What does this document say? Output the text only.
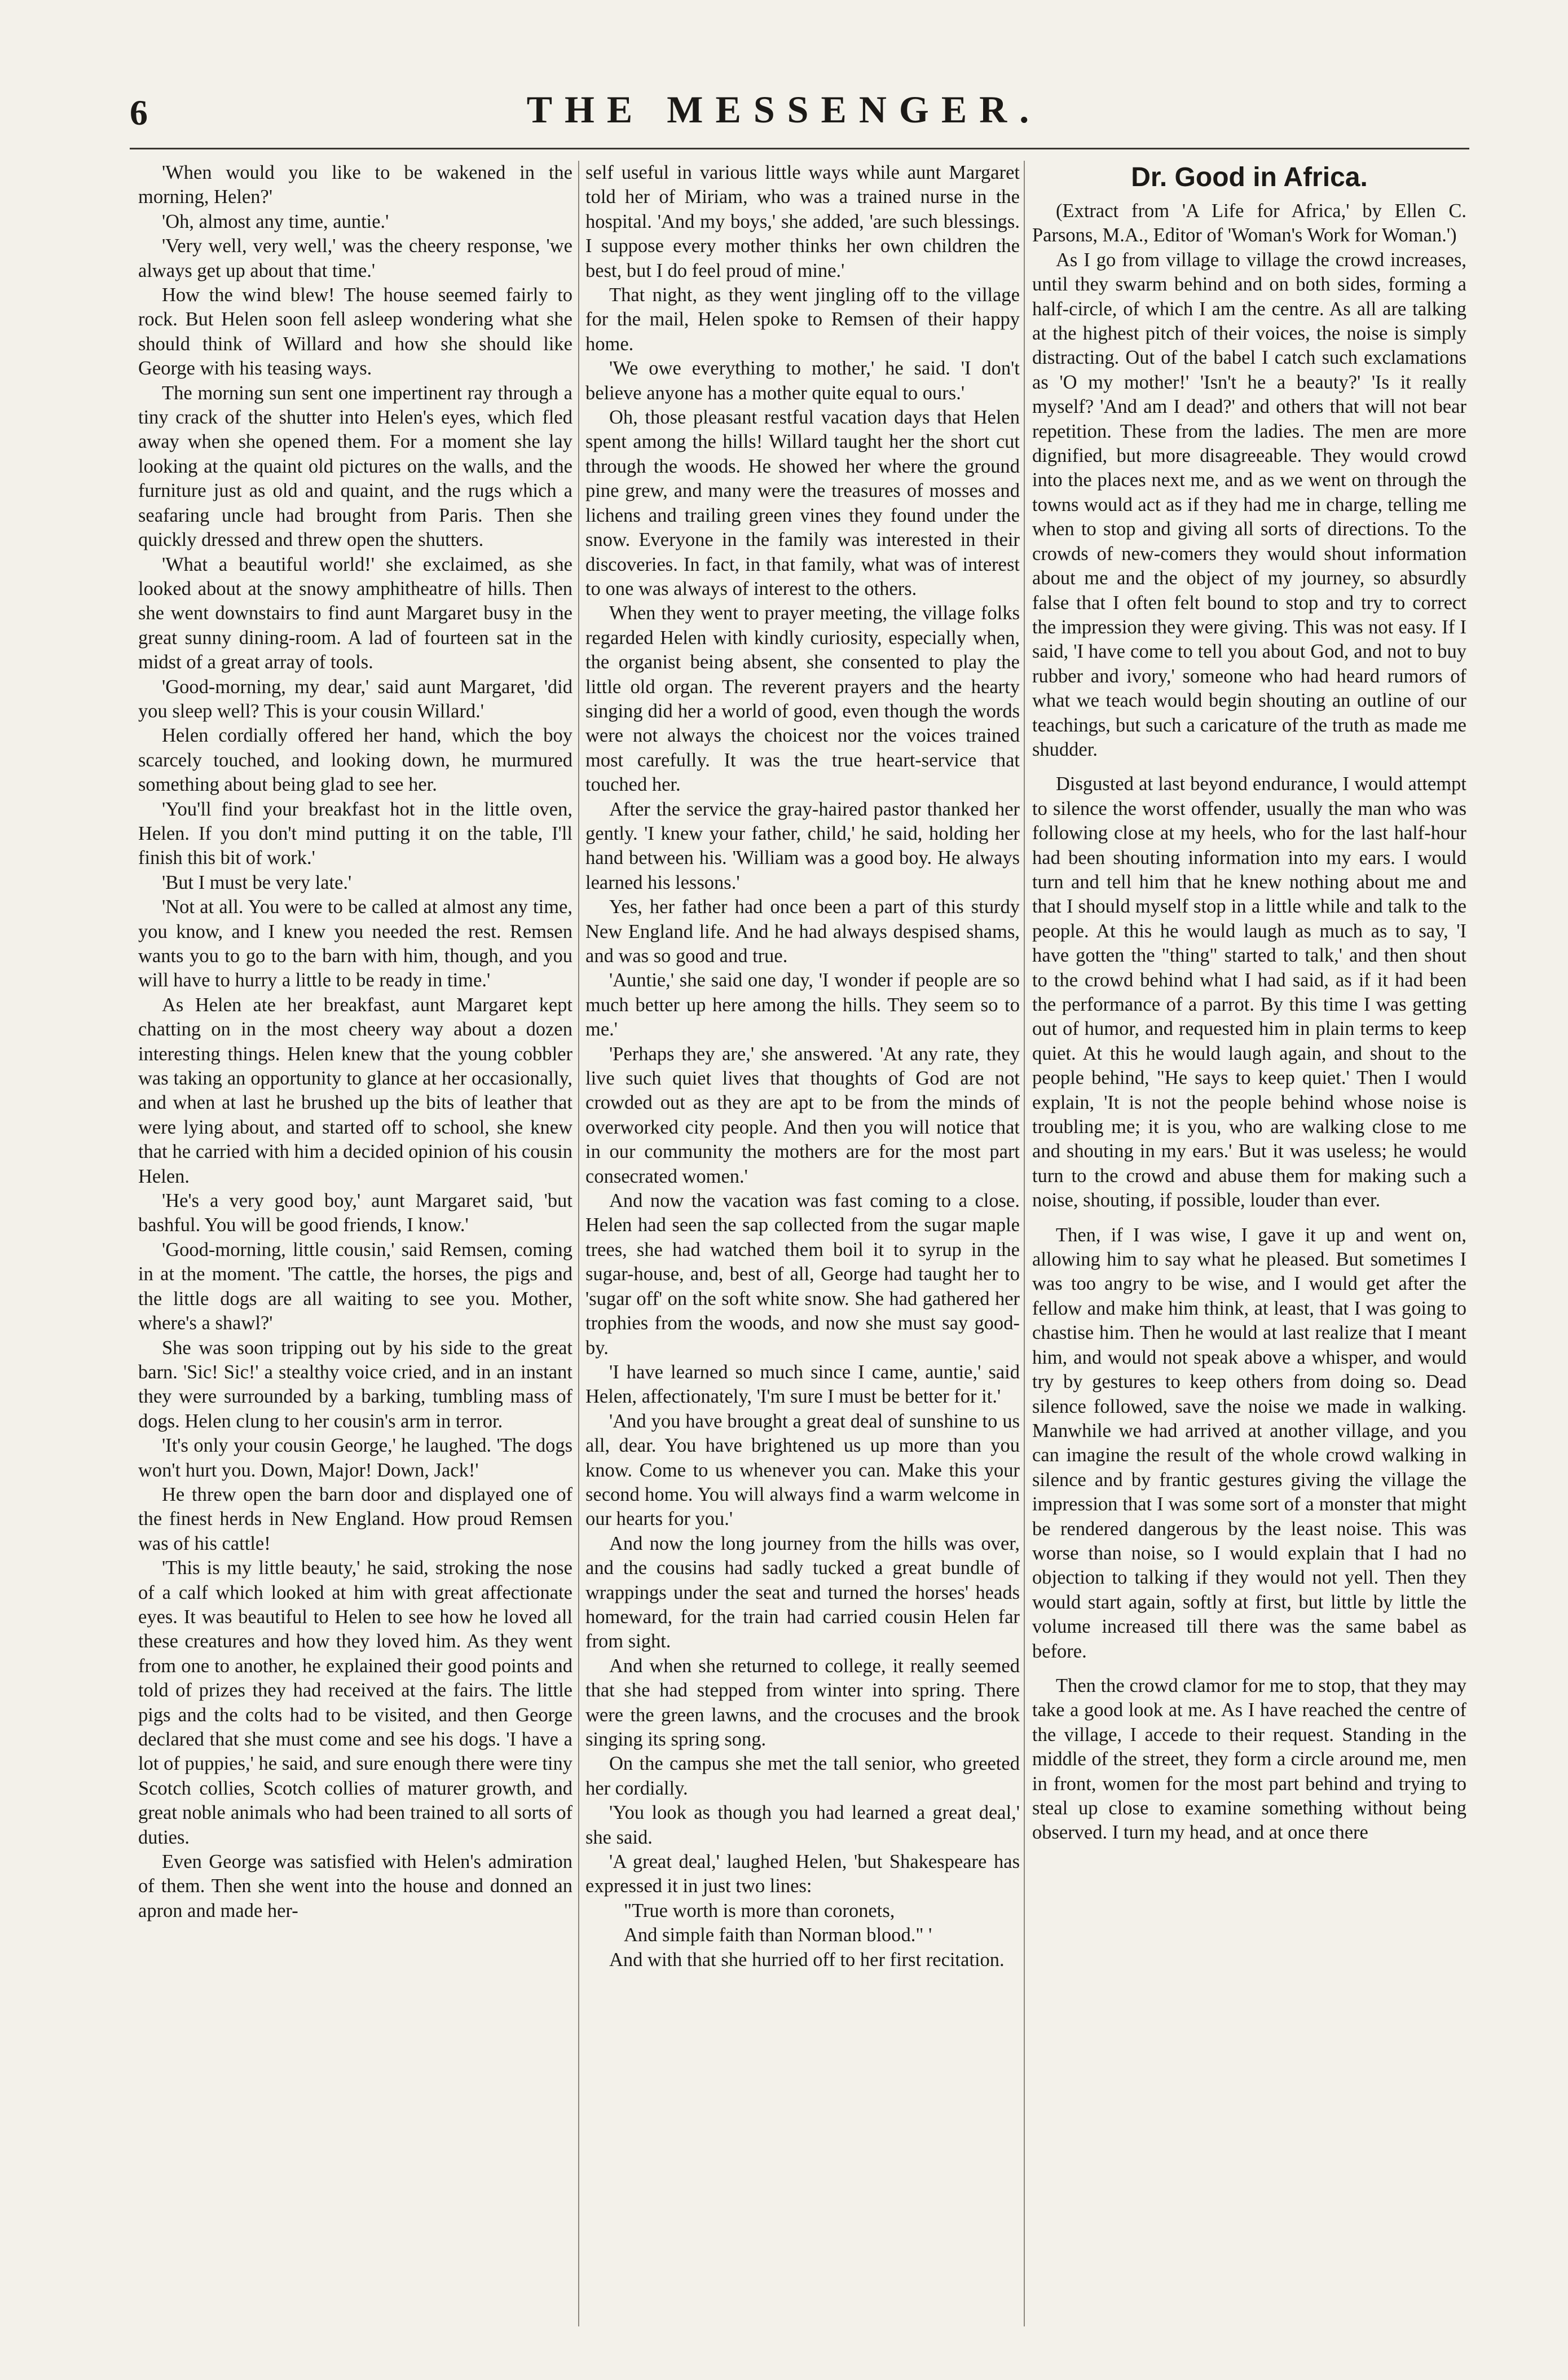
6	THE MESSENGER.

'When would you like to be wakened in the morning, Helen?'

'Oh, almost any time, auntie.'

'Very well, very well,' was the cheery response, 'we always get up about that time.'

How the wind blew! The house seemed fairly to rock. But Helen soon fell asleep wondering what she should think of Willard and how she should like George with his teasing ways.

The morning sun sent one impertinent ray through a tiny crack of the shutter into Helen's eyes, which fled away when she opened them. For a moment she lay looking at the quaint old pictures on the walls, and the furniture just as old and quaint, and the rugs which a seafaring uncle had brought from Paris. Then she quickly dressed and threw open the shutters.

'What a beautiful world!' she exclaimed, as she looked about at the snowy amphitheatre of hills. Then she went downstairs to find aunt Margaret busy in the great sunny dining-room. A lad of fourteen sat in the midst of a great array of tools.

'Good-morning, my dear,' said aunt Margaret, 'did you sleep well? This is your cousin Willard.'

Helen cordially offered her hand, which the boy scarcely touched, and looking down, he murmured something about being glad to see her.

'You'll find your breakfast hot in the little oven, Helen. If you don't mind putting it on the table, I'll finish this bit of work.'

'But I must be very late.'

'Not at all. You were to be called at almost any time, you know, and I knew you needed the rest. Remsen wants you to go to the barn with him, though, and you will have to hurry a little to be ready in time.'

As Helen ate her breakfast, aunt Margaret kept chatting on in the most cheery way about a dozen interesting things. Helen knew that the young cobbler was taking an opportunity to glance at her occasionally, and when at last he brushed up the bits of leather that were lying about, and started off to school, she knew that he carried with him a decided opinion of his cousin Helen.

'He's a very good boy,' aunt Margaret said, 'but bashful. You will be good friends, I know.'

'Good-morning, little cousin,' said Remsen, coming in at the moment. 'The cattle, the horses, the pigs and the little dogs are all waiting to see you. Mother, where's a shawl?'

She was soon tripping out by his side to the great barn. 'Sic! Sic!' a stealthy voice cried, and in an instant they were surrounded by a barking, tumbling mass of dogs. Helen clung to her cousin's arm in terror.

'It's only your cousin George,' he laughed. 'The dogs won't hurt you. Down, Major! Down, Jack!'

He threw open the barn door and displayed one of the finest herds in New England. How proud Remsen was of his cattle!

'This is my little beauty,' he said, stroking the nose of a calf which looked at him with great affectionate eyes. It was beautiful to Helen to see how he loved all these creatures and how they loved him. As they went from one to another, he explained their good points and told of prizes they had received at the fairs. The little pigs and the colts had to be visited, and then George declared that she must come and see his dogs. 'I have a lot of puppies,' he said, and sure enough there were tiny Scotch collies, Scotch collies of maturer growth, and great noble animals who had been trained to all sorts of duties.

Even George was satisfied with Helen's admiration of them. Then she went into the house and donned an apron and made her-

self useful in various little ways while aunt Margaret told her of Miriam, who was a trained nurse in the hospital. 'And my boys,' she added, 'are such blessings. I suppose every mother thinks her own children the best, but I do feel proud of mine.'

That night, as they went jingling off to the village for the mail, Helen spoke to Remsen of their happy home.

'We owe everything to mother,' he said. 'I don't believe anyone has a mother quite equal to ours.'

Oh, those pleasant restful vacation days that Helen spent among the hills! Willard taught her the short cut through the woods. He showed her where the ground pine grew, and many were the treasures of mosses and lichens and trailing green vines they found under the snow. Everyone in the family was interested in their discoveries. In fact, in that family, what was of interest to one was always of interest to the others.

When they went to prayer meeting, the village folks regarded Helen with kindly curiosity, especially when, the organist being absent, she consented to play the little old organ. The reverent prayers and the hearty singing did her a world of good, even though the words were not always the choicest nor the voices trained most carefully. It was the true heart-service that touched her.

After the service the gray-haired pastor thanked her gently. 'I knew your father, child,' he said, holding her hand between his. 'William was a good boy. He always learned his lessons.'

Yes, her father had once been a part of this sturdy New England life. And he had always despised shams, and was so good and true.

'Auntie,' she said one day, 'I wonder if people are so much better up here among the hills. They seem so to me.'

'Perhaps they are,' she answered. 'At any rate, they live such quiet lives that thoughts of God are not crowded out as they are apt to be from the minds of overworked city people. And then you will notice that in our community the mothers are for the most part consecrated women.'

And now the vacation was fast coming to a close. Helen had seen the sap collected from the sugar maple trees, she had watched them boil it to syrup in the sugar-house, and, best of all, George had taught her to 'sugar off' on the soft white snow. She had gathered her trophies from the woods, and now she must say good-by.

'I have learned so much since I came, auntie,' said Helen, affectionately, 'I'm sure I must be better for it.'

'And you have brought a great deal of sunshine to us all, dear. You have brightened us up more than you know. Come to us whenever you can. Make this your second home. You will always find a warm welcome in our hearts for you.'

And now the long journey from the hills was over, and the cousins had sadly tucked a great bundle of wrappings under the seat and turned the horses' heads homeward, for the train had carried cousin Helen far from sight.

And when she returned to college, it really seemed that she had stepped from winter into spring. There were the green lawns, and the crocuses and the brook singing its spring song.

On the campus she met the tall senior, who greeted her cordially.

'You look as though you had learned a great deal,' she said.

'A great deal,' laughed Helen, 'but Shakespeare has expressed it in just two lines:

"True worth is more than coronets,

And simple faith than Norman blood." '

And with that she hurried off to her first recitation.

Dr. Good in Africa.

(Extract from 'A Life for Africa,' by Ellen C. Parsons, M.A., Editor of 'Woman's Work for Woman.')

As I go from village to village the crowd increases, until they swarm behind and on both sides, forming a half-circle, of which I am the centre. As all are talking at the highest pitch of their voices, the noise is simply distracting. Out of the babel I catch such exclamations as 'O my mother!' 'Isn't he a beauty?' 'Is it really myself? 'And am I dead?' and others that will not bear repetition. These from the ladies. The men are more dignified, but more disagreeable. They would crowd into the places next me, and as we went on through the towns would act as if they had me in charge, telling me when to stop and giving all sorts of directions. To the crowds of new-comers they would shout information about me and the object of my journey, so absurdly false that I often felt bound to stop and try to correct the impression they were giving. This was not easy. If I said, 'I have come to tell you about God, and not to buy rubber and ivory,' someone who had heard rumors of what we teach would begin shouting an outline of our teachings, but such a caricature of the truth as made me shudder.

Disgusted at last beyond endurance, I would attempt to silence the worst offender, usually the man who was following close at my heels, who for the last half-hour had been shouting information into my ears. I would turn and tell him that he knew nothing about me and that I should myself stop in a little while and talk to the people. At this he would laugh as much as to say, 'I have gotten the "thing" started to talk,' and then shout to the crowd behind what I had said, as if it had been the performance of a parrot. By this time I was getting out of humor, and requested him in plain terms to keep quiet. At this he would laugh again, and shout to the people behind, "He says to keep quiet.' Then I would explain, 'It is not the people behind whose noise is troubling me; it is you, who are walking close to me and shouting in my ears.' But it was useless; he would turn to the crowd and abuse them for making such a noise, shouting, if possible, louder than ever.

Then, if I was wise, I gave it up and went on, allowing him to say what he pleased. But sometimes I was too angry to be wise, and I would get after the fellow and make him think, at least, that I was going to chastise him. Then he would at last realize that I meant him, and would not speak above a whisper, and would try by gestures to keep others from doing so. Dead silence followed, save the noise we made in walking. Manwhile we had arrived at another village, and you can imagine the result of the whole crowd walking in silence and by frantic gestures giving the village the impression that I was some sort of a monster that might be rendered dangerous by the least noise. This was worse than noise, so I would explain that I had no objection to talking if they would not yell. Then they would start again, softly at first, but little by little the volume increased till there was the same babel as before.

Then the crowd clamor for me to stop, that they may take a good look at me. As I have reached the centre of the village, I accede to their request. Standing in the middle of the street, they form a circle around me, men in front, women for the most part behind and trying to steal up close to examine something without being observed. I turn my head, and at once there
